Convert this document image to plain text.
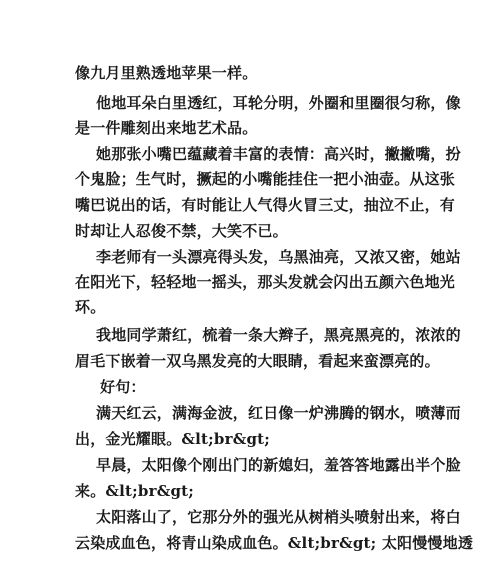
像九月里熟透地苹果一样。
他地耳朵白里透红，耳轮分明，外圈和里圈很匀称，像
是一件雕刻出来地艺术品。
她那张小嘴巴蕴藏着丰富的表情：高兴时，撇撇嘴，扮
个鬼脸；生气时，撅起的小嘴能挂住一把小油壶。从这张
嘴巴说出的话，有时能让人气得火冒三丈，抽泣不止，有
时却让人忍俊不禁，大笑不已。
李老师有一头漂亮得头发，乌黑油亮，又浓又密，她站
在阳光下，轻轻地一摇头，那头发就会闪出五颜六色地光
环。
我地同学萧红，梳着一条大辫子，黑亮黑亮的，浓浓的
眉毛下嵌着一双乌黑发亮的大眼睛，看起来蛮漂亮的。
好句：
满天红云，满海金波，红日像一炉沸腾的钢水，喷薄而
出，金光耀眼。&lt;br&gt;
早晨，太阳像个刚出门的新媳妇，羞答答地露出半个脸
来。&lt;br&gt;
太阳落山了，它那分外的强光从树梢头喷射出来，将白
云染成血色，将青山染成血色。&lt;br&gt; 太阳慢慢地透
